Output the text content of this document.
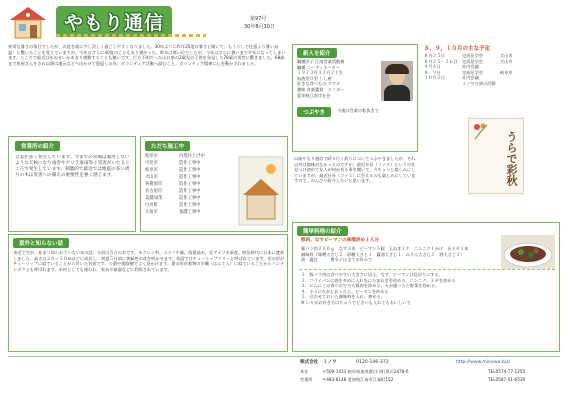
やもり通信	第97号
30年8月30日
異常な暑さの毎日でしたが、お盆を境に少し涼しく過ごしやすくなりました。30年ぶりに昨年35度の暑さと聞いて、もうりしで往還より暑い気温！と驚いたことを覚えていますが、今年はさらに40度のこともあり暑かった。昨年は寒い位でしたが、今年はさらに暑いまで平年になってしまいます。ところで最近は年のせいかあまり感動することも無いです。行方不明だった山口県の2歳児の子供を発見した78歳の男性に驚きました。68歳まで魚屋さんをされ以降は地元などへ出かけて恩返しの為、ボランティア活動へ励むこと。ボランティア精神に心を動かされました。
営業所の紹介
自業が多く発生しています。今までの常備は適用しないような天候になり竜巻やゲリラ豪雨等々災害がいたるところで発生しています。刺激的で最近では地震の多い周りの木は災害への備えの重要性を強く感じます。
ただち施工中
岐阜市	内堤住上げ中
可児市	造作工事中
岐阜市	造作工事中
犬山市	造作工事中
各務原市	造作工事中
名古屋市	造作工事中
美濃加茂	造作工事中
白川町	造作工事中
大垣市	基礎工事中
新人を紹介
職種洋子 江南営業所勤務
職種 コーディネーター
１９７３年１２月２１生
血液型０型 しし座
好きな食べもの マグロ
趣味 音楽鑑賞　スノボー
愛知県江南市在住
つぶやき	今後は営業の私抜きで
８，９，１０月の主な予定
８月２５日	完成見学会	犬山市
８月２５・２６日	完成見学会	犬山市
９月４日	社内会議
８．９日	完成見学会	岐阜市
１０月２日	社内会議
ミノワ合漬け活動
以前やもり通信で時々行く釣りについてつぶやきましたが、それ以外は趣味がなかったのですが、最近社長（ファス）というのを見つけ初めて友人が何か有る事を聞いて、今ちょっと楽しみにしていますが、最近社長（ファス）に会えるのも楽しみにしていますので、のんびり紹介したいと思います。	うらで彩秋
意外と知らない話
身近ですが、あまり知られていない木の話。今回は百合の木です。モクレン科、ユリノキ属。落葉高木。北アメリカ原産。明治時代に日本に渡来しました。高さは２０〜３０ｍほどに成長し、初夏５月頃に黄緑色の花を咲かせます。英語ではチューリップツリーと呼ばれています。花の形がチューリップに似ていることから付いた名前です。公園や街路樹でよく見かけます。葉の形が着物の半纏（はんてん）に似ていることからハンテンボクとも呼ばれます。木材としても使われ、家具や楽器などに利用されています。
簡単料理の紹介
豚肉、なすピーマンの味噌炒め１人分
豚バラ肉２００ｇ　なす３本　ピーマン５個　玉ねぎ１ケ　ニンニク１かけ　長ネギ１本
調味料（味噌大さじ２　砂糖大さじ１　醤油大さじ１　みりん大さじ１　酒大さじ１）
油　適宜　　　唐辛子は全てお好みで
１．豚バラ肉は食べやすい大きさに切る。なす、ピーマンは乱切りにする。
２．フライパンに油を多めに入れ先にたまねぎを炒める。ニンニク、ネギを炒める
３．にんにくの香りがでたら豚肉を炒める。火が通ったら野菜を炒める。
４．ナスに火がとおったら、ピーマンを炒める
５．合わせておいた調味料を入れ、絡める。
※ いりがお好き方はちゃうでどさいも入れてもおいしいで
株式会社　ミノワ	0120-146-372	http://www.minowa.biz/
本社	〒509-1431 岐阜県加茂郡白川町黒川2478-6	TEL0574-77-1255
営業所 〒483-8148 愛知県江南市江森町152	TEL0587-51-6539
